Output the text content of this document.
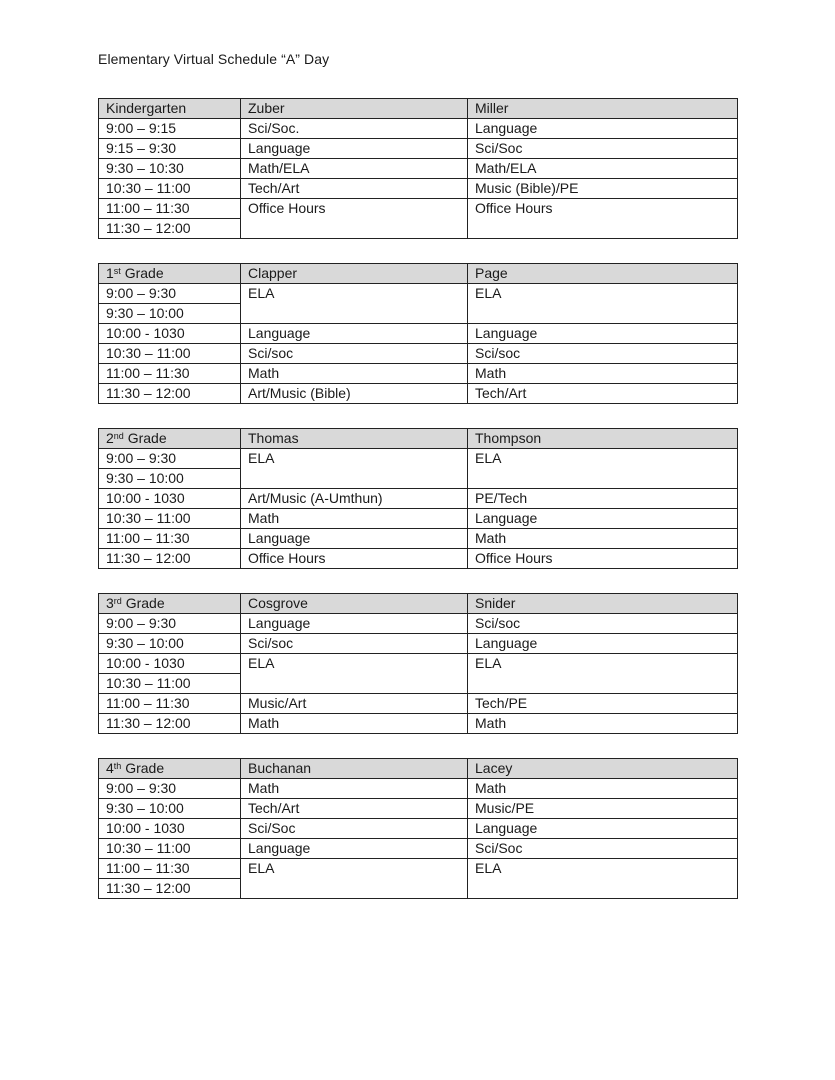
Elementary Virtual Schedule “A” Day
Kindergarten	Zuber	Miller
9:00 – 9:15	Sci/Soc.	Language
9:15 – 9:30	Language	Sci/Soc
9:30 – 10:30	Math/ELA	Math/ELA
10:30 – 11:00	Tech/Art	Music (Bible)/PE
11:00 – 11:30	Office Hours	Office Hours
11:30 – 12:00		
1st Grade	Clapper	Page
9:00 – 9:30	ELA	ELA
9:30 – 10:00		
10:00 - 1030	Language	Language
10:30 – 11:00	Sci/soc	Sci/soc
11:00 – 11:30	Math	Math
11:30 – 12:00	Art/Music (Bible)	Tech/Art
2nd Grade	Thomas	Thompson
9:00 – 9:30	ELA	ELA
9:30 – 10:00		
10:00 - 1030	Art/Music (A-Umthun)	PE/Tech
10:30 – 11:00	Math	Language
11:00 – 11:30	Language	Math
11:30 – 12:00	Office Hours	Office Hours
3rd Grade	Cosgrove	Snider
9:00 – 9:30	Language	Sci/soc
9:30 – 10:00	Sci/soc	Language
10:00 - 1030	ELA	ELA
10:30 – 11:00		
11:00 – 11:30	Music/Art	Tech/PE
11:30 – 12:00	Math	Math
4th Grade	Buchanan	Lacey
9:00 – 9:30	Math	Math
9:30 – 10:00	Tech/Art	Music/PE
10:00 - 1030	Sci/Soc	Language
10:30 – 11:00	Language	Sci/Soc
11:00 – 11:30	ELA	ELA
11:30 – 12:00		
